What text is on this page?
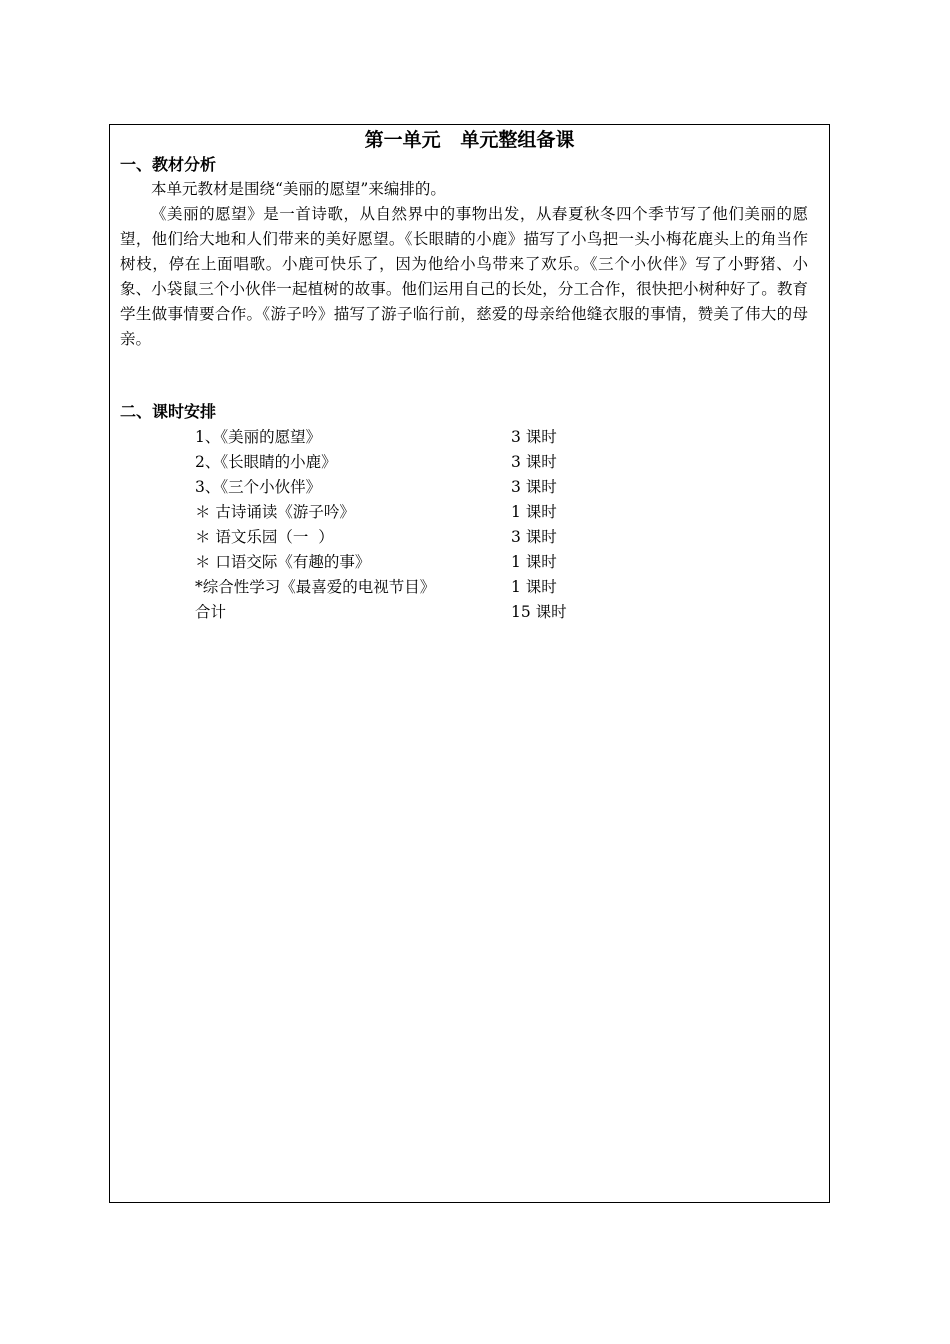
第一单元   单元整组备课
一、教材分析
本单元教材是围绕“美丽的愿望”来编排的。
《美丽的愿望》是一首诗歌，从自然界中的事物出发，从春夏秋冬四个季节写了他们美丽的愿望，他们给大地和人们带来的美好愿望。《长眼睛的小鹿》描写了小鸟把一头小梅花鹿头上的角当作树枝，停在上面唱歌。小鹿可快乐了，因为他给小鸟带来了欢乐。《三个小伙伴》写了小野猪、小象、小袋鼠三个小伙伴一起植树的故事。他们运用自己的长处，分工合作，很快把小树种好了。教育学生做事情要合作。《游子吟》描写了游子临行前，慈爱的母亲给他缝衣服的事情，赞美了伟大的母亲。
二、课时安排
1、《美丽的愿望》	3 课时
2、《长眼睛的小鹿》	3 课时
3、《三个小伙伴》	3 课时
＊ 古诗诵读《游子吟》	1 课时
＊ 语文乐园（一  ）	3 课时
＊ 口语交际《有趣的事》	1 课时
*综合性学习《最喜爱的电视节目》	1 课时
合计	15 课时
